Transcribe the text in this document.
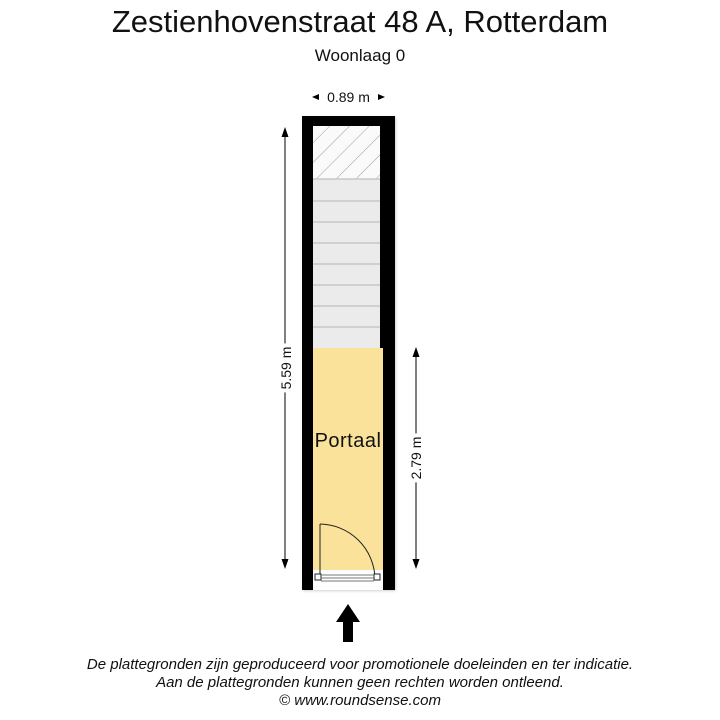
Zestienhovenstraat 48 A, Rotterdam
Woonlaag 0
0.89 m
5.59 m
2.79 m
Portaal
De plattegronden zijn geproduceerd voor promotionele doeleinden en ter indicatie.
Aan de plattegronden kunnen geen rechten worden ontleend.
© www.roundsense.com
